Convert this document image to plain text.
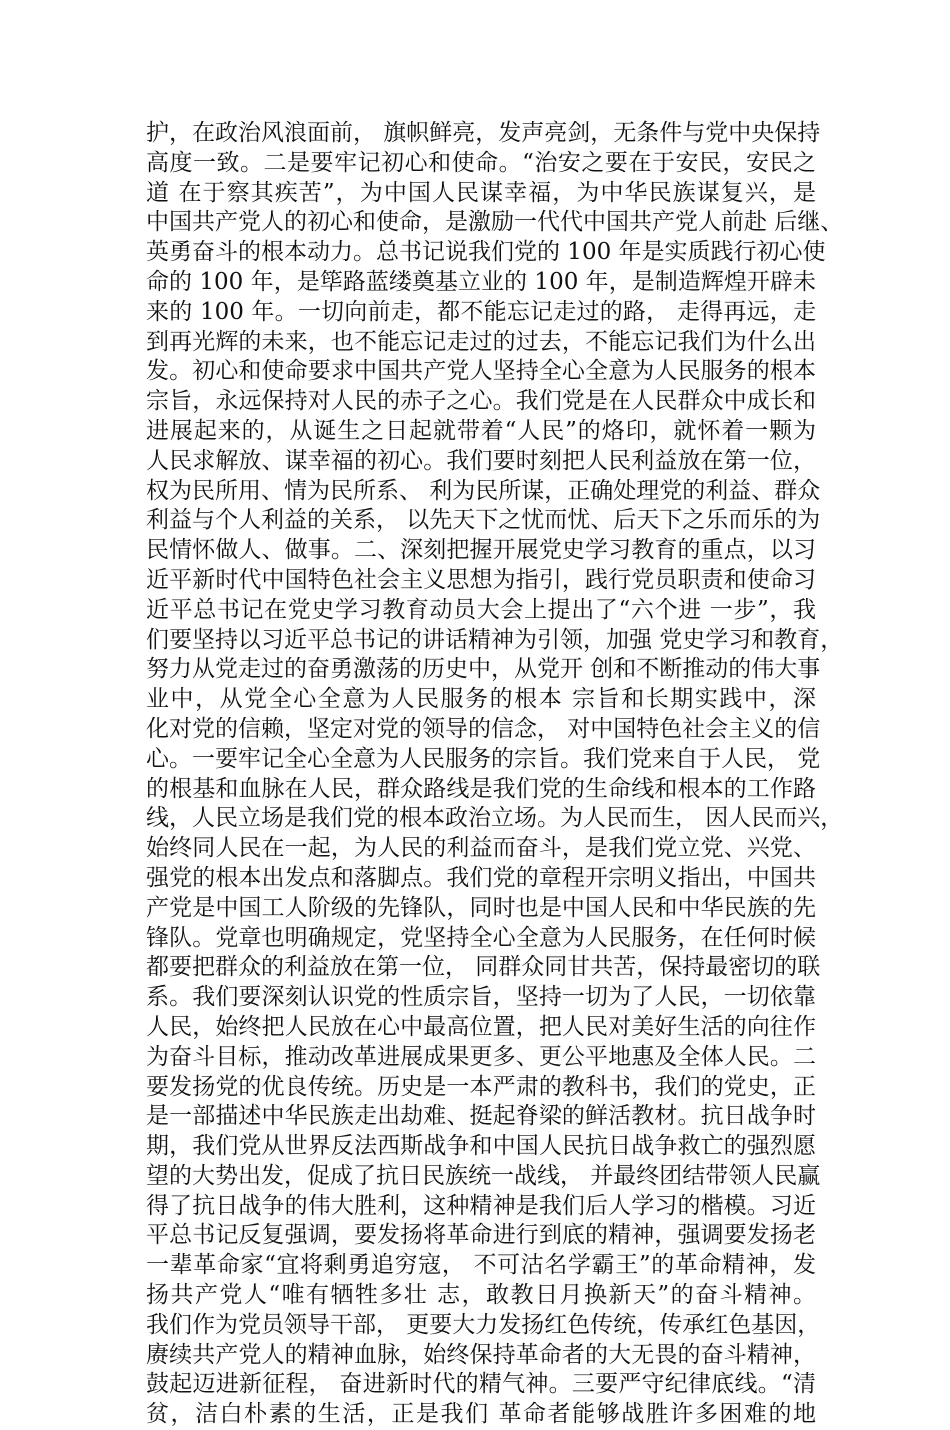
护，在政治风浪面前， 旗帜鲜亮，发声亮剑，无条件与党中央保持
高度一致。二是要牢记初心和使命。“治安之要在于安民，安民之
道 在于察其疾苦”，为中国人民谋幸福，为中华民族谋复兴，是
中国共产党人的初心和使命，是激励一代代中国共产党人前赴 后继、
英勇奋斗的根本动力。总书记说我们党的 100 年是实质践行初心使
命的 100 年，是筚路蓝缕奠基立业的 100 年，是制造辉煌开辟未
来的 100 年。一切向前走，都不能忘记走过的路， 走得再远，走
到再光辉的未来，也不能忘记走过的过去，不能忘记我们为什么出
发。初心和使命要求中国共产党人坚持全心全意为人民服务的根本
宗旨，永远保持对人民的赤子之心。我们党是在人民群众中成长和
进展起来的，从诞生之日起就带着“人民”的烙印，就怀着一颗为
人民求解放、谋幸福的初心。我们要时刻把人民利益放在第一位，
权为民所用、情为民所系、 利为民所谋，正确处理党的利益、群众
利益与个人利益的关系， 以先天下之忧而忧、后天下之乐而乐的为
民情怀做人、做事。二、深刻把握开展党史学习教育的重点，以习
近平新时代中国特色社会主义思想为指引，践行党员职责和使命习
近平总书记在党史学习教育动员大会上提出了“六个进 一步”，我
们要坚持以习近平总书记的讲话精神为引领，加强 党史学习和教育，
努力从党走过的奋勇激荡的历史中，从党开 创和不断推动的伟大事
业中，从党全心全意为人民服务的根本 宗旨和长期实践中，深
化对党的信赖，坚定对党的领导的信念， 对中国特色社会主义的信
心。一要牢记全心全意为人民服务的宗旨。我们党来自于人民， 党
的根基和血脉在人民，群众路线是我们党的生命线和根本的工作路
线，人民立场是我们党的根本政治立场。为人民而生， 因人民而兴，
始终同人民在一起，为人民的利益而奋斗，是我们党立党、兴党、
强党的根本出发点和落脚点。我们党的章程开宗明义指出，中国共
产党是中国工人阶级的先锋队，同时也是中国人民和中华民族的先
锋队。党章也明确规定，党坚持全心全意为人民服务，在任何时候
都要把群众的利益放在第一位， 同群众同甘共苦，保持最密切的联
系。我们要深刻认识党的性质宗旨，坚持一切为了人民，一切依靠
人民，始终把人民放在心中最高位置，把人民对美好生活的向往作
为奋斗目标，推动改革进展成果更多、更公平地惠及全体人民。二
要发扬党的优良传统。历史是一本严肃的教科书，我们的党史，正
是一部描述中华民族走出劫难、挺起脊梁的鲜活教材。抗日战争时
期，我们党从世界反法西斯战争和中国人民抗日战争救亡的强烈愿
望的大势出发，促成了抗日民族统一战线， 并最终团结带领人民赢
得了抗日战争的伟大胜利，这种精神是我们后人学习的楷模。习近
平总书记反复强调，要发扬将革命进行到底的精神，强调要发扬老
一辈革命家“宜将剩勇追穷寇， 不可沽名学霸王”的革命精神，发
扬共产党人“唯有牺牲多壮 志，敢教日月换新天”的奋斗精神。
我们作为党员领导干部， 更要大力发扬红色传统，传承红色基因，
赓续共产党人的精神血脉，始终保持革命者的大无畏的奋斗精神，
鼓起迈进新征程， 奋进新时代的精气神。三要严守纪律底线。“清
贫，洁白朴素的生活，正是我们 革命者能够战胜许多困难的地
